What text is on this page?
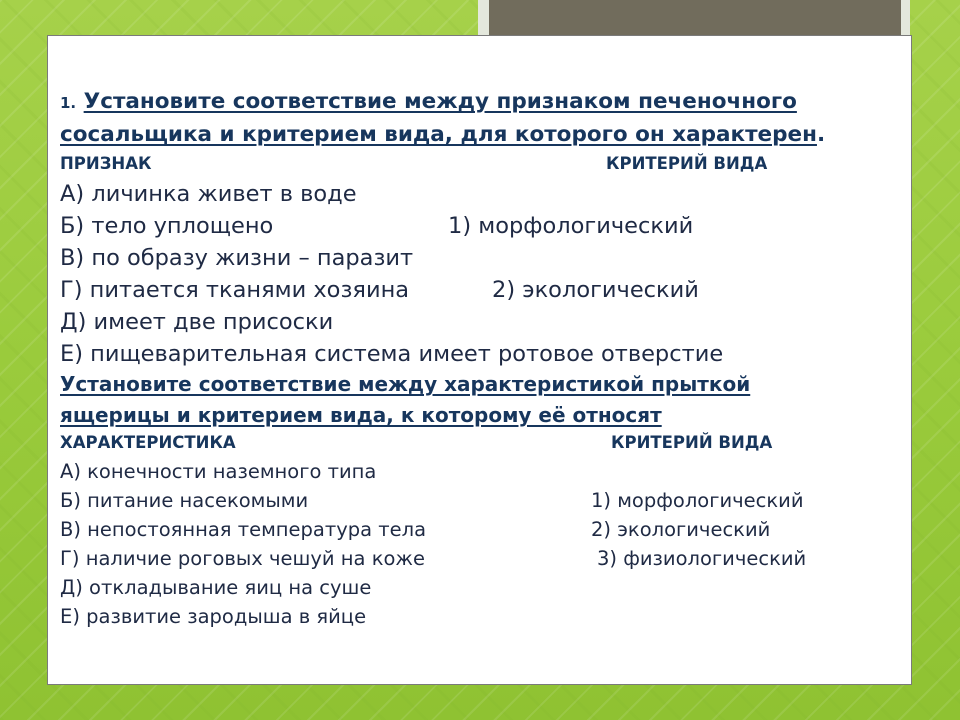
1. Установите соответствие между признаком печеночного
сосальщика и критерием вида, для которого он характерен.
ПРИЗНАК	КРИТЕРИЙ ВИДА
А) личинка живет в воде
Б) тело уплощено
В) по образу жизни – паразит
Г) питается тканями хозяина
Д) имеет две присоски
Е) пищеварительная система имеет ротовое отверстие
1) морфологический
2) экологический
Установите соответствие между характеристикой прыткой
ящерицы и критерием вида, к которому её относят
ХАРАКТЕРИСТИКА	КРИТЕРИЙ ВИДА
А) конечности наземного типа
Б) питание насекомыми
В) непостоянная температура тела
Г) наличие роговых чешуй на коже
Д) откладывание яиц на суше
Е) развитие зародыша в яйце
1) морфологический
2) экологический
3) физиологический
